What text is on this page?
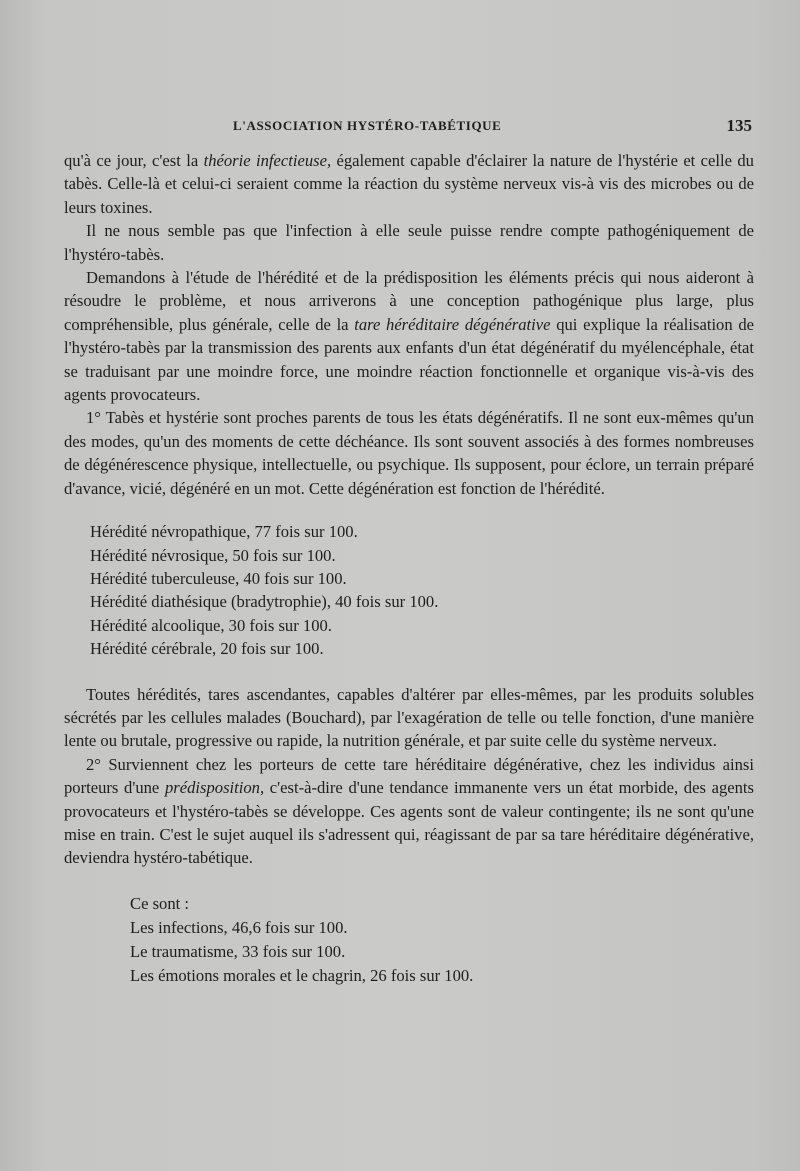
L'ASSOCIATION HYSTÉRO-TABÉTIQUE	135

qu'à ce jour, c'est la théorie infectieuse, également capable d'éclairer la nature de l'hystérie et celle du tabès. Celle-là et celui-ci seraient comme la réaction du système nerveux vis-à vis des microbes ou de leurs toxines.

Il ne nous semble pas que l'infection à elle seule puisse rendre compte pathogéniquement de l'hystéro-tabès.

Demandons à l'étude de l'hérédité et de la prédisposition les éléments précis qui nous aideront à résoudre le problème, et nous arriverons à une conception pathogénique plus large, plus compréhensible, plus générale, celle de la tare héréditaire dégénérative qui explique la réalisation de l'hystéro-tabès par la transmission des parents aux enfants d'un état dégénératif du myélencéphale, état se traduisant par une moindre force, une moindre réaction fonctionnelle et organique vis-à-vis des agents provocateurs.

1° Tabès et hystérie sont proches parents de tous les états dégénératifs. Il ne sont eux-mêmes qu'un des modes, qu'un des moments de cette déchéance. Ils sont souvent associés à des formes nombreuses de dégénérescence physique, intellectuelle, ou psychique. Ils supposent, pour éclore, un terrain préparé d'avance, vicié, dégénéré en un mot. Cette dégénération est fonction de l'hérédité.

Hérédité névropathique, 77 fois sur 100.
Hérédité névrosique, 50 fois sur 100.
Hérédité tuberculeuse, 40 fois sur 100.
Hérédité diathésique (bradytrophie), 40 fois sur 100.
Hérédité alcoolique, 30 fois sur 100.
Hérédité cérébrale, 20 fois sur 100.

Toutes hérédités, tares ascendantes, capables d'altérer par elles-mêmes, par les produits solubles sécrétés par les cellules malades (Bouchard), par l'exagération de telle ou telle fonction, d'une manière lente ou brutale, progressive ou rapide, la nutrition générale, et par suite celle du système nerveux.

2° Surviennent chez les porteurs de cette tare héréditaire dégénérative, chez les individus ainsi porteurs d'une prédisposition, c'est-à-dire d'une tendance immanente vers un état morbide, des agents provocateurs et l'hystéro-tabès se développe. Ces agents sont de valeur contingente; ils ne sont qu'une mise en train. C'est le sujet auquel ils s'adressent qui, réagissant de par sa tare héréditaire dégénérative, deviendra hystéro-tabétique.

Ce sont :
Les infections, 46,6 fois sur 100.
Le traumatisme, 33 fois sur 100.
Les émotions morales et le chagrin, 26 fois sur 100.
